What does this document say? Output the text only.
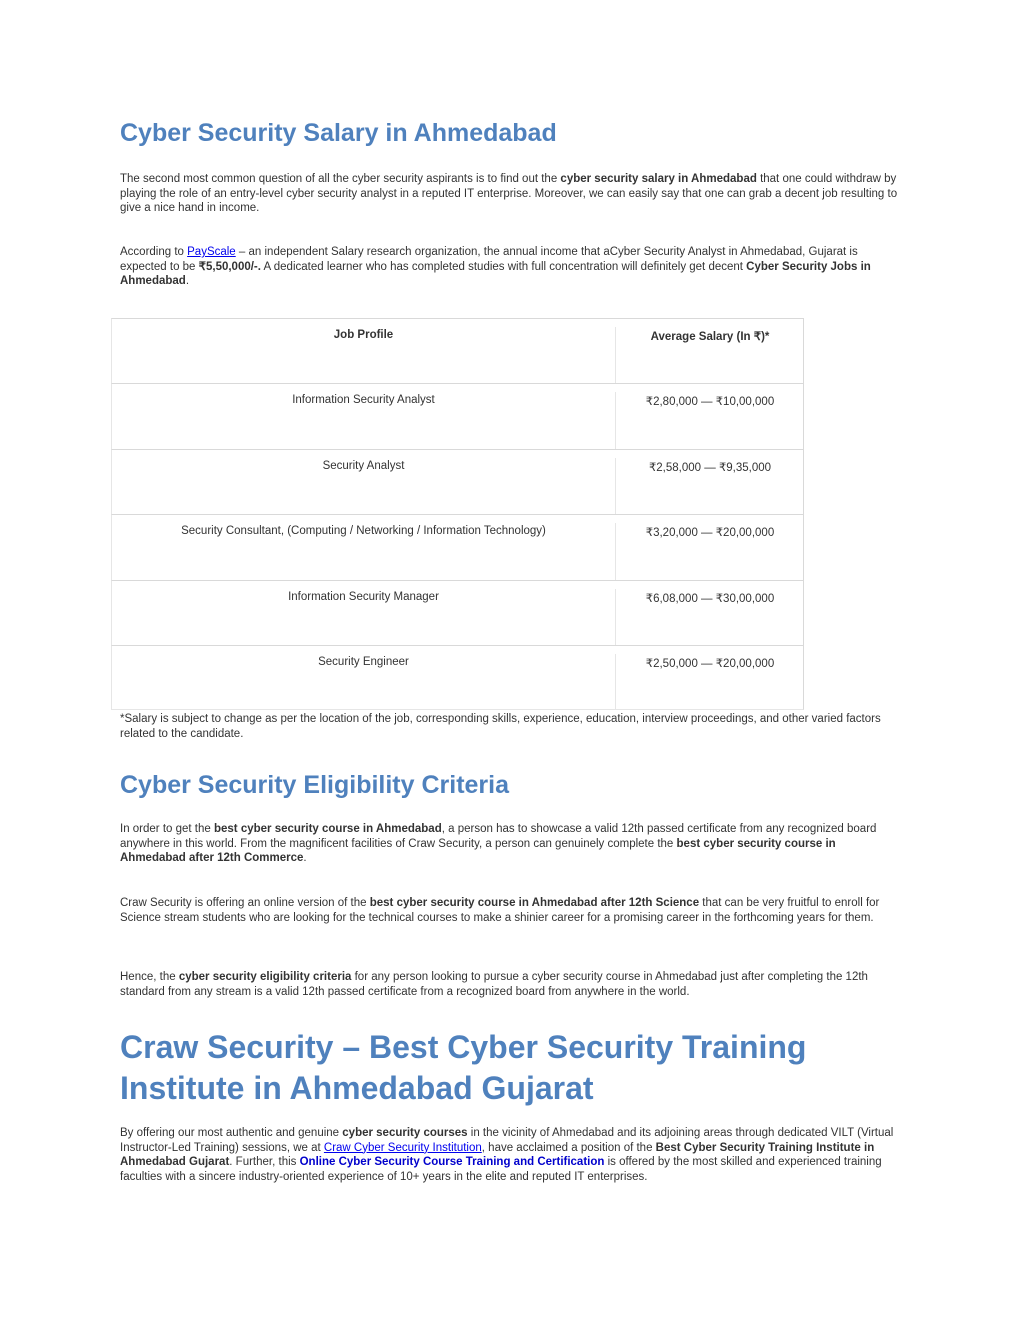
Cyber Security Salary in Ahmedabad

The second most common question of all the cyber security aspirants is to find out the cyber security salary in Ahmedabad that one could withdraw by playing the role of an entry-level cyber security analyst in a reputed IT enterprise. Moreover, we can easily say that one can grab a decent job resulting to give a nice hand in income.

According to PayScale – an independent Salary research organization, the annual income that aCyber Security Analyst in Ahmedabad, Gujarat is expected to be ₹5,50,000/-. A dedicated learner who has completed studies with full concentration will definitely get decent Cyber Security Jobs in Ahmedabad.

Job Profile	Average Salary (In ₹)*
Information Security Analyst	₹2,80,000 — ₹10,00,000
Security Analyst	₹2,58,000 — ₹9,35,000
Security Consultant, (Computing / Networking / Information Technology)	₹3,20,000 — ₹20,00,000
Information Security Manager	₹6,08,000 — ₹30,00,000
Security Engineer	₹2,50,000 — ₹20,00,000

*Salary is subject to change as per the location of the job, corresponding skills, experience, education, interview proceedings, and other varied factors related to the candidate.

Cyber Security Eligibility Criteria

In order to get the best cyber security course in Ahmedabad, a person has to showcase a valid 12th passed certificate from any recognized board anywhere in this world. From the magnificent facilities of Craw Security, a person can genuinely complete the best cyber security course in Ahmedabad after 12th Commerce.

Craw Security is offering an online version of the best cyber security course in Ahmedabad after 12th Science that can be very fruitful to enroll for Science stream students who are looking for the technical courses to make a shinier career for a promising career in the forthcoming years for them.

Hence, the cyber security eligibility criteria for any person looking to pursue a cyber security course in Ahmedabad just after completing the 12th standard from any stream is a valid 12th passed certificate from a recognized board from anywhere in the world.

Craw Security – Best Cyber Security Training Institute in Ahmedabad Gujarat

By offering our most authentic and genuine cyber security courses in the vicinity of Ahmedabad and its adjoining areas through dedicated VILT (Virtual Instructor-Led Training) sessions, we at Craw Cyber Security Institution, have acclaimed a position of the Best Cyber Security Training Institute in Ahmedabad Gujarat. Further, this Online Cyber Security Course Training and Certification is offered by the most skilled and experienced training faculties with a sincere industry-oriented experience of 10+ years in the elite and reputed IT enterprises.
